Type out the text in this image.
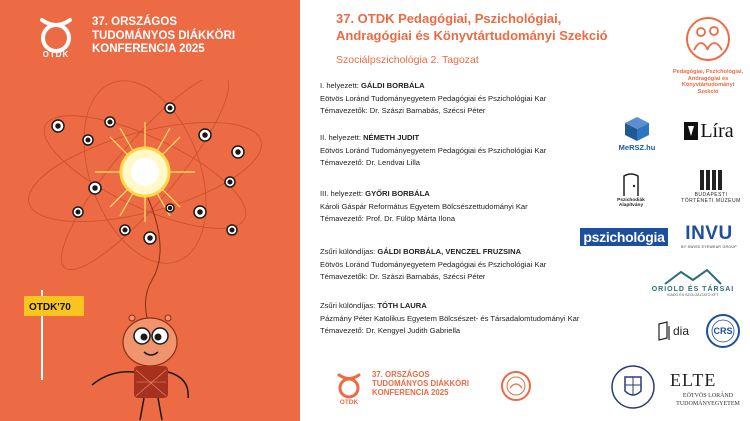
OTDK
37. ORSZÁGOS
TUDOMÁNYOS DIÁKKÖRI
KONFERENCIA 2025
OTDK'70
37. OTDK Pedagógiai, Pszichológiai,
Andragógiai és Könyvtártudományi Szekció
Szociálpszichológia 2. Tagozat
I. helyezett: GÁLDI BORBÁLA
Eötvös Loránd Tudományegyetem Pedagógiai és Pszichológiai Kar
Témavezetők: Dr. Szászi Barnabás, Szécsi Péter
II. helyezett: NÉMETH JUDIT
Eötvös Loránd Tudományegyetem Pedagógiai és Pszichológiai Kar
Témavezető: Dr. Lendvai Lilla
III. helyezett: GYŐRI BORBÁLA
Károli Gáspár Református Egyetem Bölcsészettudományi Kar
Témavezető: Prof. Dr. Fülöp Márta Ilona
Zsűri különdíjas: GÁLDI BORBÁLA, VENCZEL FRUZSINA
Eötvös Loránd Tudományegyetem Pedagógiai és Pszichológiai Kar
Témavezetők: Dr. Szászi Barnabás, Szécsi Péter
Zsűri különdíjas: TÓTH LAURA
Pázmány Péter Katolikus Egyetem Bölcsészet- és Társadalomtudományi Kar
Témavezető: Dr. Kengyel Judith Gabriella
Pedagógiai, Pszichológiai, Andragógiai és Könyvtártudományi Szekció
MeRSZ.hu
Líra
Pszichodiák Alapítvány
BUDAPESTI TÖRTÉNETI MÚZEUM
pszichológia INVU
BY SWISS EYEWEAR GROUP
ORIOLD ÉS TÁRSAI
KIADÓ ÉS SZOLGÁLTATÓ KFT.
dia	CRS
OTDK
37. ORSZÁGOS
TUDOMÁNYOS DIÁKKÖRI
KONFERENCIA 2025
ELTE
EÖTVÖS LORÁND
TUDOMÁNYEGYETEM
